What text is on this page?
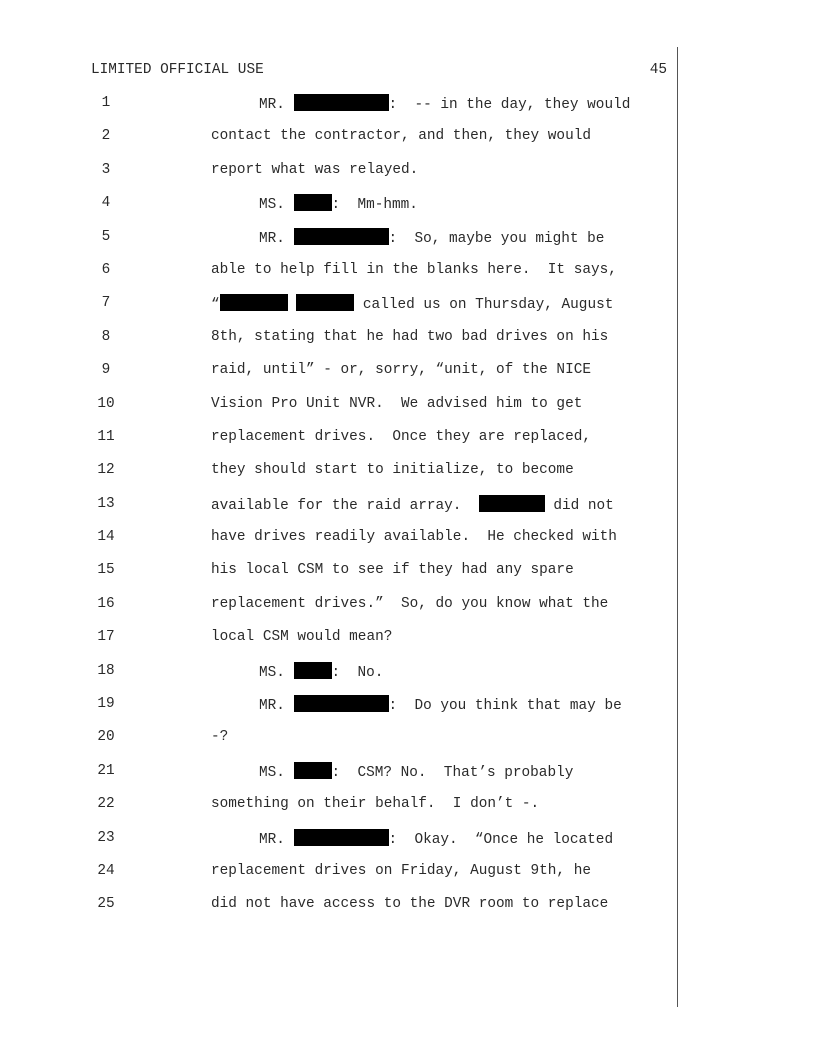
LIMITED OFFICIAL USE	45
1	MR.	:  -- in the day, they would
2	contact the contractor, and then, they would
3	report what was relayed.
4	MS.	:  Mm-hmm.
5	MR.	:  So, maybe you might be
6	able to help fill in the blanks here.  It says,
7	“	called us on Thursday, August
8	8th, stating that he had two bad drives on his
9	raid, until” - or, sorry, “unit, of the NICE
10	Vision Pro Unit NVR.  We advised him to get
11	replacement drives.  Once they are replaced,
12	they should start to initialize, to become
13	available for the raid array.	did not
14	have drives readily available.  He checked with
15	his local CSM to see if they had any spare
16	replacement drives.”  So, do you know what the
17	local CSM would mean?
18	MS.	:  No.
19	MR.	:  Do you think that may be
20	-?
21	MS.	:  CSM? No.  That’s probably
22	something on their behalf.  I don’t -.
23	MR.	:  Okay.  “Once he located
24	replacement drives on Friday, August 9th, he
25	did not have access to the DVR room to replace
